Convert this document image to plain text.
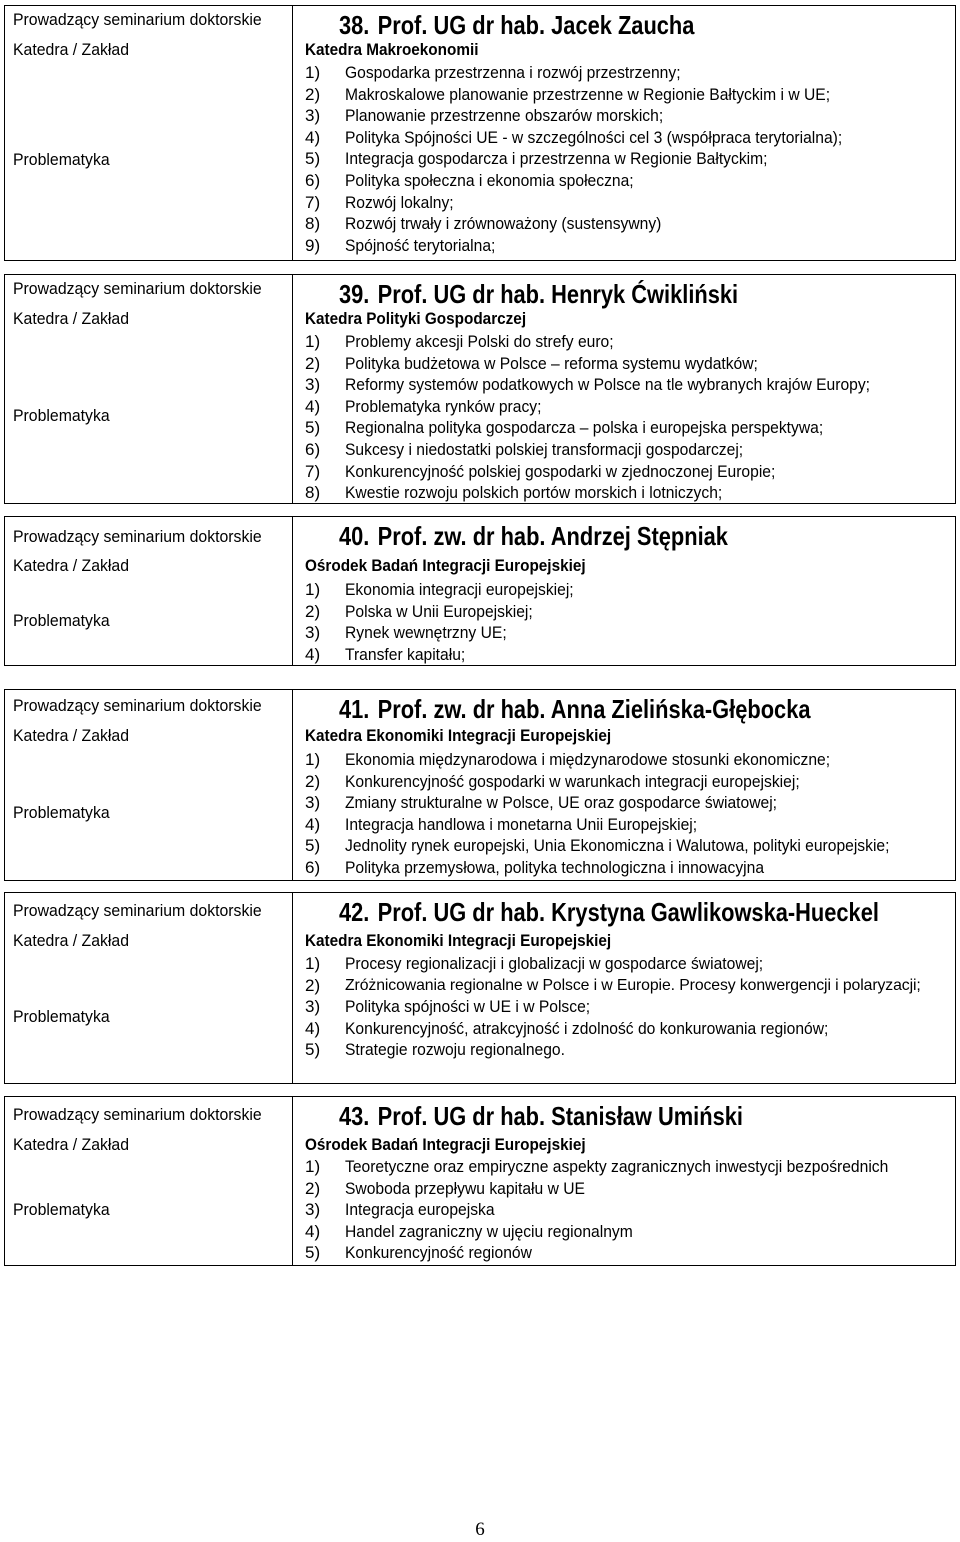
Prowadzący seminarium doktorskie
Katedra / Zakład
Problematyka
38. Prof. UG dr hab. Jacek Zaucha
Katedra Makroekonomii
1) Gospodarka przestrzenna i rozwój przestrzenny;
2) Makroskalowe planowanie przestrzenne w Regionie Bałtyckim i w UE;
3) Planowanie przestrzenne obszarów morskich;
4) Polityka Spójności UE - w szczególności cel 3 (współpraca terytorialna);
5) Integracja gospodarcza i przestrzenna w Regionie Bałtyckim;
6) Polityka społeczna i ekonomia społeczna;
7) Rozwój lokalny;
8) Rozwój trwały i zrównoważony (sustensywny)
9) Spójność terytorialna;
Prowadzący seminarium doktorskie
Katedra / Zakład
Problematyka
39. Prof. UG dr hab. Henryk Ćwikliński
Katedra Polityki Gospodarczej
1) Problemy akcesji Polski do strefy euro;
2) Polityka budżetowa w Polsce – reforma systemu wydatków;
3) Reformy systemów podatkowych w Polsce na tle wybranych krajów Europy;
4) Problematyka rynków pracy;
5) Regionalna polityka gospodarcza – polska i europejska perspektywa;
6) Sukcesy i niedostatki polskiej transformacji gospodarczej;
7) Konkurencyjność polskiej gospodarki w zjednoczonej Europie;
8) Kwestie rozwoju polskich portów morskich i lotniczych;
Prowadzący seminarium doktorskie
Katedra / Zakład
Problematyka
40. Prof. zw. dr hab. Andrzej Stępniak
Ośrodek Badań Integracji Europejskiej
1) Ekonomia integracji europejskiej;
2) Polska w Unii Europejskiej;
3) Rynek wewnętrzny UE;
4) Transfer kapitału;
Prowadzący seminarium doktorskie
Katedra / Zakład
Problematyka
41. Prof. zw. dr hab. Anna Zielińska-Głębocka
Katedra Ekonomiki Integracji Europejskiej
1) Ekonomia międzynarodowa i międzynarodowe stosunki ekonomiczne;
2) Konkurencyjność gospodarki w warunkach integracji europejskiej;
3) Zmiany strukturalne w Polsce, UE oraz gospodarce światowej;
4) Integracja handlowa i monetarna Unii Europejskiej;
5) Jednolity rynek europejski, Unia Ekonomiczna i Walutowa, polityki europejskie;
6) Polityka przemysłowa, polityka technologiczna i innowacyjna
Prowadzący seminarium doktorskie
Katedra / Zakład
Problematyka
42. Prof. UG dr hab. Krystyna Gawlikowska-Hueckel
Katedra Ekonomiki Integracji Europejskiej
1) Procesy regionalizacji i globalizacji w gospodarce światowej;
2) Zróżnicowania regionalne w Polsce i w Europie. Procesy konwergencji i polaryzacji;
3) Polityka spójności w UE i w Polsce;
4) Konkurencyjność, atrakcyjność i zdolność do konkurowania regionów;
5) Strategie rozwoju regionalnego.
Prowadzący seminarium doktorskie
Katedra / Zakład
Problematyka
43. Prof. UG dr hab. Stanisław Umiński
Ośrodek Badań Integracji Europejskiej
1) Teoretyczne oraz empiryczne aspekty zagranicznych inwestycji bezpośrednich
2) Swoboda przepływu kapitału w UE
3) Integracja europejska
4) Handel zagraniczny w ujęciu regionalnym
5) Konkurencyjność regionów
6
